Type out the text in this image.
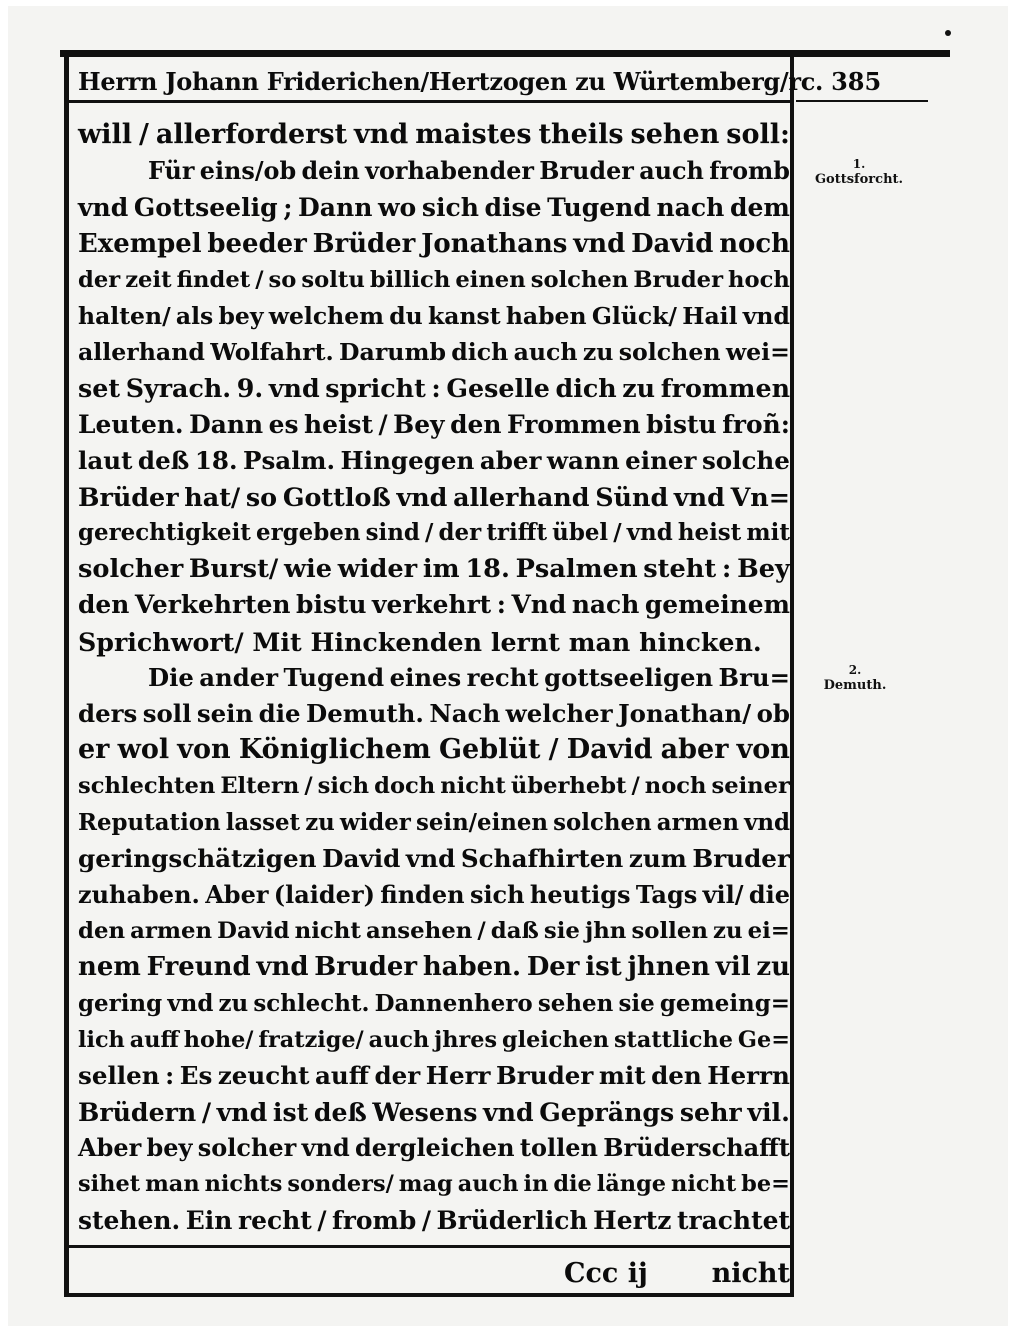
Herrn Johann Friderichen/Hertzogen zu Würtemberg/rc. 385
will / allerforderst vnd maistes theils sehen soll:
Für eins/ob dein vorhabender Bruder auch fromb
vnd Gottseelig ; Dann wo sich dise Tugend nach dem
Exempel beeder Brüder Jonathans vnd David noch
der zeit findet / so soltu billich einen solchen Bruder hoch
halten/ als bey welchem du kanst haben Glück/ Hail vnd
allerhand Wolfahrt. Darumb dich auch zu solchen wei=
set Syrach. 9. vnd spricht : Geselle dich zu frommen
Leuten. Dann es heist / Bey den Frommen bistu froñ:
laut deß 18. Psalm. Hingegen aber wann einer solche
Brüder hat/ so Gottloß vnd allerhand Sünd vnd Vn=
gerechtigkeit ergeben sind / der trifft übel / vnd heist mit
solcher Burst/ wie wider im 18. Psalmen steht : Bey
den Verkehrten bistu verkehrt : Vnd nach gemeinem
Sprichwort/ Mit Hinckenden lernt man hincken.
Die ander Tugend eines recht gottseeligen Bru=
ders soll sein die Demuth. Nach welcher Jonathan/ ob
er wol von Königlichem Geblüt / David aber von
schlechten Eltern / sich doch nicht überhebt / noch seiner
Reputation lasset zu wider sein/einen solchen armen vnd
geringschätzigen David vnd Schafhirten zum Bruder
zuhaben. Aber (laider) finden sich heutigs Tags vil/ die
den armen David nicht ansehen / daß sie jhn sollen zu ei=
nem Freund vnd Bruder haben. Der ist jhnen vil zu
gering vnd zu schlecht. Dannenhero sehen sie gemeing=
lich auff hohe/ fratzige/ auch jhres gleichen stattliche Ge=
sellen : Es zeucht auff der Herr Bruder mit den Herrn
Brüdern / vnd ist deß Wesens vnd Geprängs sehr vil.
Aber bey solcher vnd dergleichen tollen Brüderschafft
sihet man nichts sonders/ mag auch in die länge nicht be=
stehen. Ein recht / fromb / Brüderlich Hertz trachtet
1.
Gottsforcht.
2.
Demuth.
Ccc ij nicht
